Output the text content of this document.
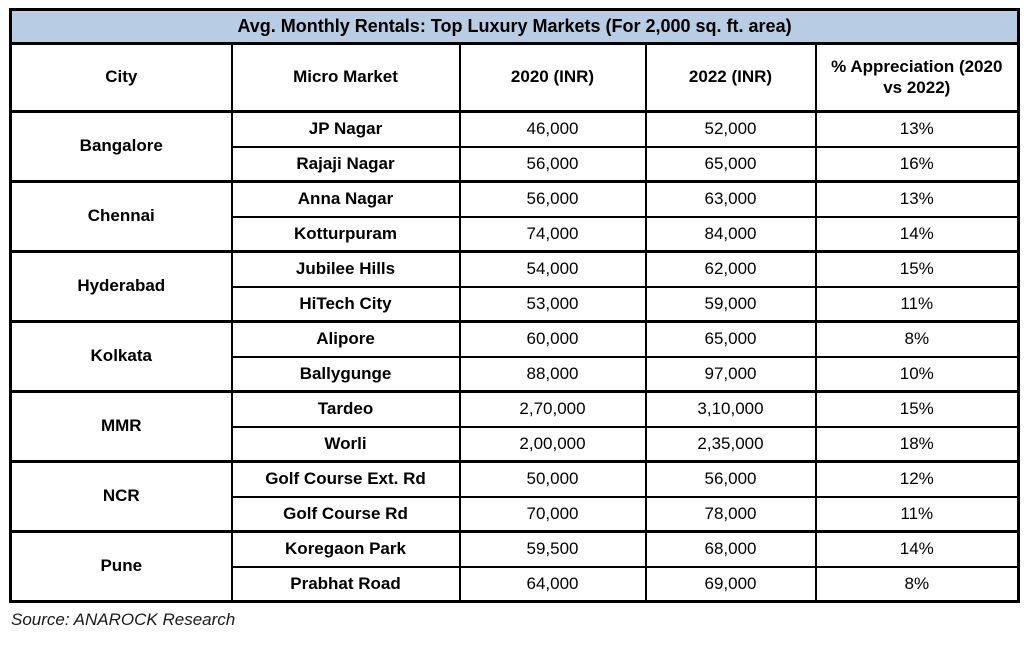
Avg. Monthly Rentals: Top Luxury Markets (For 2,000 sq. ft. area)				
City	Micro Market	2020 (INR)	2022 (INR)	% Appreciation (2020 vs 2022)
Bangalore	JP Nagar	46,000	52,000	13%
	Rajaji Nagar	56,000	65,000	16%
Chennai	Anna Nagar	56,000	63,000	13%
	Kotturpuram	74,000	84,000	14%
Hyderabad	Jubilee Hills	54,000	62,000	15%
	HiTech City	53,000	59,000	11%
Kolkata	Alipore	60,000	65,000	8%
	Ballygunge	88,000	97,000	10%
MMR	Tardeo	2,70,000	3,10,000	15%
	Worli	2,00,000	2,35,000	18%
NCR	Golf Course Ext. Rd	50,000	56,000	12%
	Golf Course Rd	70,000	78,000	11%
Pune	Koregaon Park	59,500	68,000	14%
	Prabhat Road	64,000	69,000	8%
Source: ANAROCK Research
